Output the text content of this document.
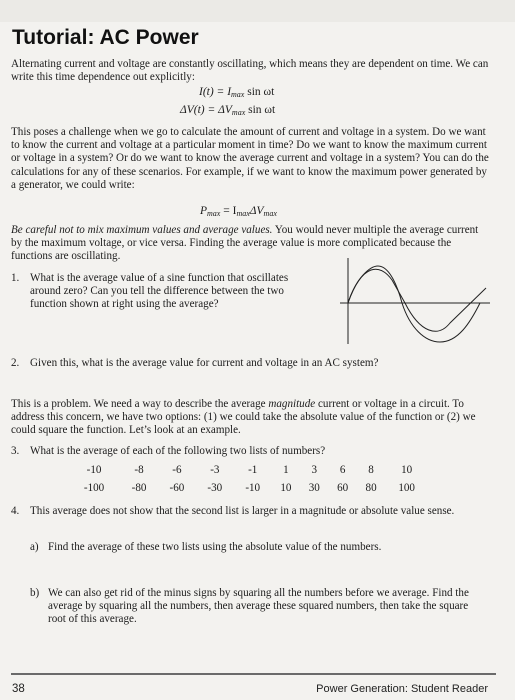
Tutorial: AC Power
Alternating current and voltage are constantly oscillating, which means they are dependent on time. We can write this time dependence out explicitly:
$I(t) = I_{max}$ sin ωt
$\Delta V(t) = \Delta V_{max}$ sin ωt
This poses a challenge when we go to calculate the amount of current and voltage in a system. Do we want to know the current and voltage at a particular moment in time? Do we want to know the maximum current or voltage in a system? Or do we want to know the average current and voltage in a system? You can do the calculations for any of these scenarios. For example, if we want to know the maximum power generated by a generator, we could write:
$P_{max} = I_{max}\Delta V_{max}$
Be careful not to mix maximum values and average values. You would never multiple the average current by the maximum voltage, or vice versa. Finding the average value is more complicated because the functions are oscillating.
1. What is the average value of a sine function that oscillates around zero? Can you tell the difference between the two function shown at right using the average?
2. Given this, what is the average value for current and voltage in an AC system?
This is a problem. We need a way to describe the average magnitude current or voltage in a circuit. To address this concern, we have two options: (1) we could take the absolute value of the function or (2) we could square the function. Let’s look at an example.
3. What is the average of each of the following two lists of numbers?
-10	-8	-6	-3	-1	1	3	6	8	10
-100	-80	-60	-30	-10	10	30	60	80	100
4. This average does not show that the second list is larger in a magnitude or absolute value sense.
a) Find the average of these two lists using the absolute value of the numbers.
b) We can also get rid of the minus signs by squaring all the numbers before we average. Find the average by squaring all the numbers, then average these squared numbers, then take the square root of this average.
38	Power Generation: Student Reader
